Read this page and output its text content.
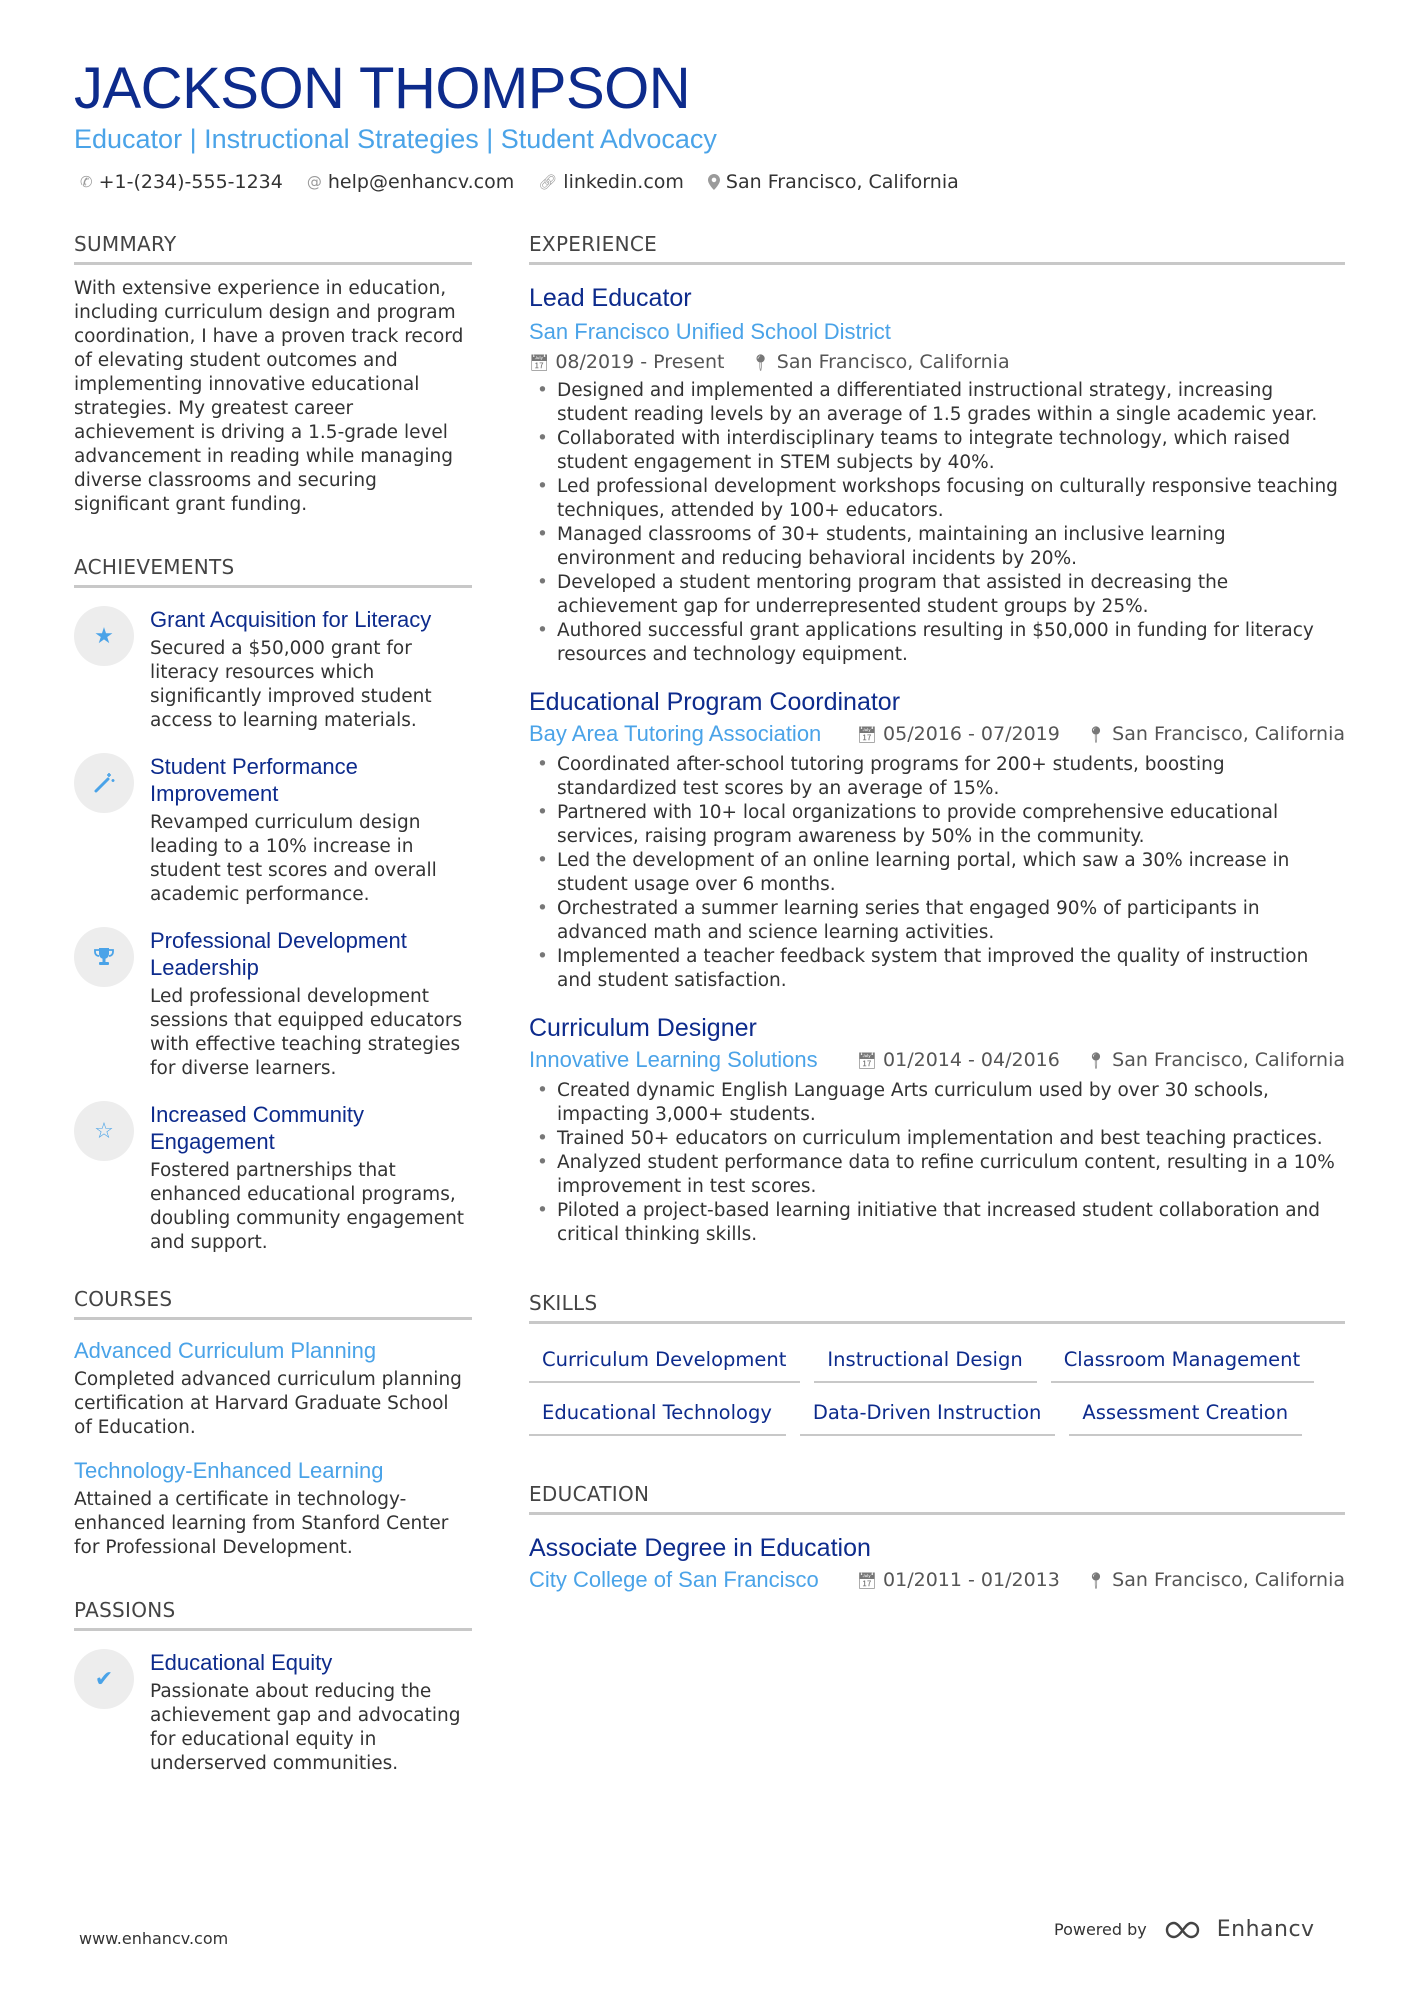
JACKSON THOMPSON
Educator | Instructional Strategies | Student Advocacy
✆ +1-(234)-555-1234 @ help@enhancv.com 🔗︎ linkedin.com San Francisco, California
SUMMARY
With extensive experience in education, including curriculum design and program coordination, I have a proven track record of elevating student outcomes and implementing innovative educational strategies. My greatest career achievement is driving a 1.5-grade level advancement in reading while managing diverse classrooms and securing significant grant funding.
ACHIEVEMENTS
★
Grant Acquisition for Literacy
Secured a $50,000 grant for literacy resources which significantly improved student access to learning materials.
Student Performance Improvement
Revamped curriculum design leading to a 10% increase in student test scores and overall academic performance.
Professional Development Leadership
Led professional development sessions that equipped educators with effective teaching strategies for diverse learners.
☆
Increased Community Engagement
Fostered partnerships that enhanced educational programs, doubling community engagement and support.
COURSES
Advanced Curriculum Planning
Completed advanced curriculum planning certification at Harvard Graduate School of Education.
Technology-Enhanced Learning
Attained a certificate in technology-enhanced learning from Stanford Center for Professional Development.
PASSIONS
✔
Educational Equity
Passionate about reducing the achievement gap and advocating for educational equity in underserved communities.
EXPERIENCE
Lead Educator
San Francisco Unified School District
📅︎ 08/2019 - Present 📍︎ San Francisco, California
• Designed and implemented a differentiated instructional strategy, increasing student reading levels by an average of 1.5 grades within a single academic year.
• Collaborated with interdisciplinary teams to integrate technology, which raised student engagement in STEM subjects by 40%.
• Led professional development workshops focusing on culturally responsive teaching techniques, attended by 100+ educators.
• Managed classrooms of 30+ students, maintaining an inclusive learning environment and reducing behavioral incidents by 20%.
• Developed a student mentoring program that assisted in decreasing the achievement gap for underrepresented student groups by 25%.
• Authored successful grant applications resulting in $50,000 in funding for literacy resources and technology equipment.
Educational Program Coordinator
Bay Area Tutoring Association 📅︎ 05/2016 - 07/2019 📍︎ San Francisco, California
• Coordinated after-school tutoring programs for 200+ students, boosting standardized test scores by an average of 15%.
• Partnered with 10+ local organizations to provide comprehensive educational services, raising program awareness by 50% in the community.
• Led the development of an online learning portal, which saw a 30% increase in student usage over 6 months.
• Orchestrated a summer learning series that engaged 90% of participants in advanced math and science learning activities.
• Implemented a teacher feedback system that improved the quality of instruction and student satisfaction.
Curriculum Designer
Innovative Learning Solutions 📅︎ 01/2014 - 04/2016 📍︎ San Francisco, California
• Created dynamic English Language Arts curriculum used by over 30 schools, impacting 3,000+ students.
• Trained 50+ educators on curriculum implementation and best teaching practices.
• Analyzed student performance data to refine curriculum content, resulting in a 10% improvement in test scores.
• Piloted a project-based learning initiative that increased student collaboration and critical thinking skills.
SKILLS
Curriculum Development	Instructional Design	Classroom Management
Educational Technology	Data-Driven Instruction	Assessment Creation
EDUCATION
Associate Degree in Education
City College of San Francisco 📅︎ 01/2011 - 01/2013 📍︎ San Francisco, California
www.enhancv.com	Powered by	Enhancv
